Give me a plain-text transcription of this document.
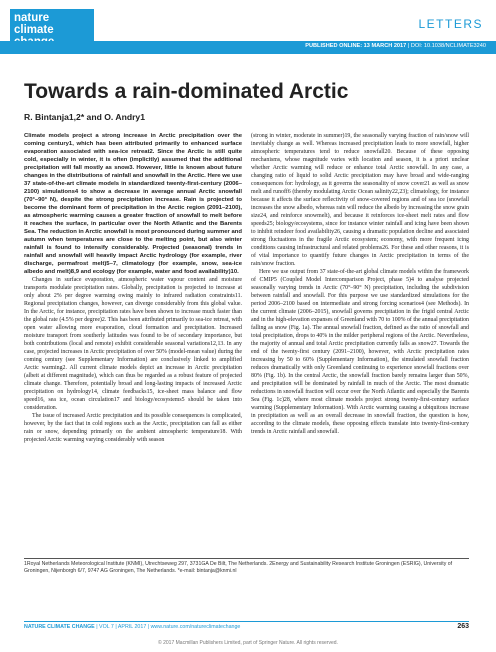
nature
climate	LETTERS
PUBLISHED ONLINE: 13 MARCH 2017 | DOI: 10.1038/NCLIMATE3240
Towards a rain-dominated Arctic
R. Bintanja1,2* and O. Andry1

Climate models project a strong increase in Arctic precipitation over the coming century1, which has been attributed primarily to enhanced surface evaporation associated with sea-ice retreat2. Since the Arctic is still quite cold, especially in winter, it is often (implicitly) assumed that the additional precipitation will fall mostly as snow3. However, little is known about future changes in the distributions of rainfall and snowfall in the Arctic. Here we use 37 state-of-the-art climate models in standardized twenty-first-century (2006–2100) simulations4 to show a decrease in average annual Arctic snowfall (70°–90° N), despite the strong precipitation increase. Rain is projected to become the dominant form of precipitation in the Arctic region (2091–2100), as atmospheric warming causes a greater fraction of snowfall to melt before it reaches the surface, in particular over the North Atlantic and the Barents Sea. The reduction in Arctic snowfall is most pronounced during summer and autumn when temperatures are close to the melting point, but also winter rainfall is found to intensify considerably. Projected (seasonal) trends in rainfall and snowfall will heavily impact Arctic hydrology (for example, river discharge, permafrost melt)5–7, climatology (for example, snow, sea-ice albedo and melt)8,9 and ecology (for example, water and food availability)10.

Changes in surface evaporation, atmospheric water vapour content and moisture transports modulate precipitation rates. Globally, precipitation is projected to increase at only about 2% per degree warming owing mainly to infrared radiation constraints11. Regional precipitation changes, however, can diverge considerably from this global value. In the Arctic, for instance, precipitation rates have been shown to increase much faster than the global rate (4.5% per degree)2. This has been attributed primarily to sea-ice retreat, with open water allowing more evaporation, cloud formation and precipitation. Increased moisture transport from southerly latitudes was found to be of secondary importance, but both contributions (local and remote) exhibit considerable seasonal variations12,13. In any case, projected increases in Arctic precipitation of over 50% (model-mean value) during the coming century (see Supplementary Information) are conclusively linked to amplified Arctic warming2. All current climate models depict an increase in Arctic precipitation (albeit at different magnitude), which can thus be regarded as a robust feature of projected climate change. Therefore, potentially broad and long-lasting impacts of increased Arctic precipitation on hydrology14, climate feedbacks15, ice-sheet mass balance and flow speed16, sea ice, ocean circulation17 and biology/ecosystems5 should be taken into consideration.

The issue of increased Arctic precipitation and its possible consequences is complicated, however, by the fact that in cold regions such as the Arctic, precipitation can fall as either rain or snow, depending primarily on the ambient atmospheric temperature18. With projected Arctic warming varying considerably with season

(strong in winter, moderate in summer)19, the seasonally varying fraction of rain/snow will inevitably change as well. Whereas increased precipitation leads to more snowfall, higher atmospheric temperatures tend to reduce snowfall20. Because of these opposing mechanisms, whose magnitude varies with location and season, it is a priori unclear whether Arctic warming will reduce or enhance total Arctic snowfall. In any case, a changing ratio of liquid to solid Arctic precipitation may have broad and wide-ranging consequences for: hydrology, as it governs the seasonality of snow cover21 as well as snow melt and runoff6 (thereby modulating Arctic Ocean salinity22,23); climatology, for instance because it affects the surface reflectivity of snow-covered regions and of sea ice (snowfall increases the snow albedo, whereas rain will reduce the albedo by increasing the snow grain size24, and reinforce snowmelt), and because it reinforces ice-sheet melt rates and flow speeds25; biology/ecosystems, since for instance winter rainfall and icing have been shown to inhibit reindeer food availability26, causing a dramatic population decline and associated strong fluctuations in the fragile Arctic ecosystem; economy, with more frequent icing conditions causing infrastructural and related problems26. For these and other reasons, it is of vital importance to quantify future changes in Arctic precipitation in terms of the rain/snow fraction.

Here we use output from 37 state-of-the-art global climate models within the framework of CMIP5 (Coupled Model Intercomparison Project, phase 5)4 to analyse projected seasonally varying trends in Arctic (70°–90° N) precipitation, including the subdivision between rainfall and snowfall. For this purpose we use standardized simulations for the period 2006–2100 based on intermediate and strong forcing scenarios4 (see Methods). In the current climate (2006–2015), snowfall governs precipitation in the frigid central Arctic and in the high-elevation expanses of Greenland with 70 to 100% of the annual precipitation falling as snow (Fig. 1a). The annual snowfall fraction, defined as the ratio of snowfall and total precipitation, drops to 40% in the milder peripheral regions of the Arctic. Nevertheless, the majority of annual and total Arctic precipitation currently falls as snow27. Towards the end of the twenty-first century (2091–2100), however, with Arctic precipitation rates increasing by 50 to 60% (Supplementary Information), the simulated snowfall fraction reduces dramatically with only Greenland continuing to experience snowfall fractions over 80% (Fig. 1b). In the central Arctic, the snowfall fraction barely remains larger than 50%, and precipitation will be dominated by rainfall in much of the Arctic. The most dramatic reductions in snowfall fraction will occur over the North Atlantic and especially the Barents Sea (Fig. 1c)28, where most climate models project strong twenty-first-century surface warming (Supplementary Information). With Arctic warming causing a ubiquitous increase in precipitation as well as an overall decrease in snowfall fraction, the question is how, according to the climate models, these opposing effects translate into twenty-first-century trends in Arctic rainfall and snowfall.

1Royal Netherlands Meteorological Institute (KNMI), Utrechtseweg 297, 3731GA De Bilt, The Netherlands. 2Energy and Sustainability Research Institute Groningen (ESRIG), University of Groningen, Nijenborgh 6/7, 9747 AG Groningen, The Netherlands. *e-mail: bintanja@knmi.nl
NATURE CLIMATE CHANGE | VOL 7 | APRIL 2017 | www.nature.com/natureclimatechange	263
© 2017 Macmillan Publishers Limited, part of Springer Nature. All rights reserved.
